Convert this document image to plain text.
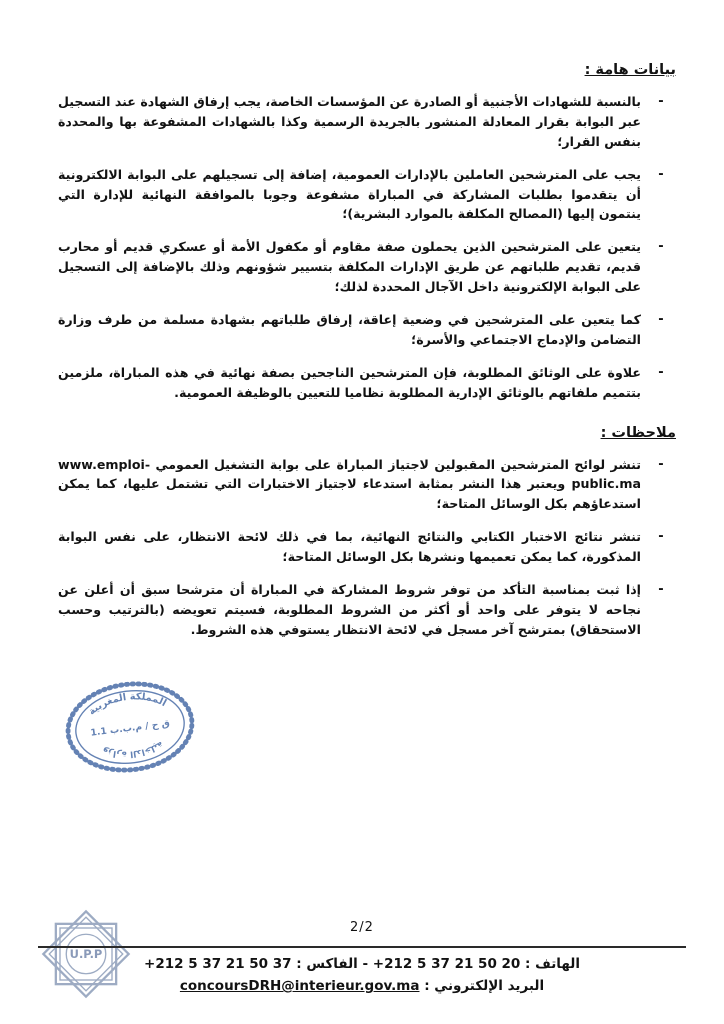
بيانات هامة :
-

بالنسبة للشهادات الأجنبية أو الصادرة عن المؤسسات الخاصة، يجب إرفاق الشهادة عند التسجيل عبر البوابة بقرار المعادلة المنشور بالجريدة الرسمية وكذا بالشهادات المشفوعة بها والمحددة بنفس القرار؛

-

يجب على المترشحين العاملين بالإدارات العمومية، إضافة إلى تسجيلهم على البوابة الالكترونية أن يتقدموا بطلبات المشاركة في المباراة مشفوعة وجوبا بالموافقة النهائية للإدارة التي ينتمون إليها (المصالح المكلفة بالموارد البشرية)؛

-

يتعين على المترشحين الذين يحملون صفة مقاوم أو مكفول الأمة أو عسكري قديم أو محارب قديم، تقديم طلباتهم عن طريق الإدارات المكلفة بتسيير شؤونهم وذلك بالإضافة إلى التسجيل على البوابة الإلكترونية داخل الآجال المحددة لذلك؛

-

كما يتعين على المترشحين في وضعية إعاقة، إرفاق طلباتهم بشهادة مسلمة من طرف وزارة التضامن والإدماج الاجتماعي والأسرة؛

-

علاوة على الوثائق المطلوبة، فإن المترشحين الناجحين بصفة نهائية في هذه المباراة، ملزمين بتتميم ملفاتهم بالوثائق الإدارية المطلوبة نظاميا للتعيين بالوظيفة العمومية.

ملاحظات :
-

تنشر لوائح المترشحين المقبولين لاجتياز المباراة على بوابة التشغيل العمومي www.emploi-public.ma ويعتبر هذا النشر بمثابة استدعاء لاجتياز الاختبارات التي تشتمل عليها، كما يمكن استدعاؤهم بكل الوسائل المتاحة؛

-

تنشر نتائج الاختبار الكتابي والنتائج النهائية، بما في ذلك لائحة الانتظار، على نفس البوابة المذكورة، كما يمكن تعميمها ونشرها بكل الوسائل المتاحة؛

-

إذا ثبت بمناسبة التأكد من توفر شروط المشاركة في المباراة أن مترشحا سبق أن أعلن عن نجاحه لا يتوفر على واحد أو أكثر من الشروط المطلوبة، فسيتم تعويضه (بالترتيب وحسب الاستحقاق) بمترشح آخر مسجل في لائحة الانتظار يستوفي هذه الشروط.

المملكة المغربية
وزارة الداخلية
ق ح / م.ب.ب 1.1
U.P.P
2/2

الهاتف : +212 5 37 21 50 20 - الفاكس : +212 5 37 21 50 37

البريد الإلكتروني : concoursDRH@interieur.gov.ma
